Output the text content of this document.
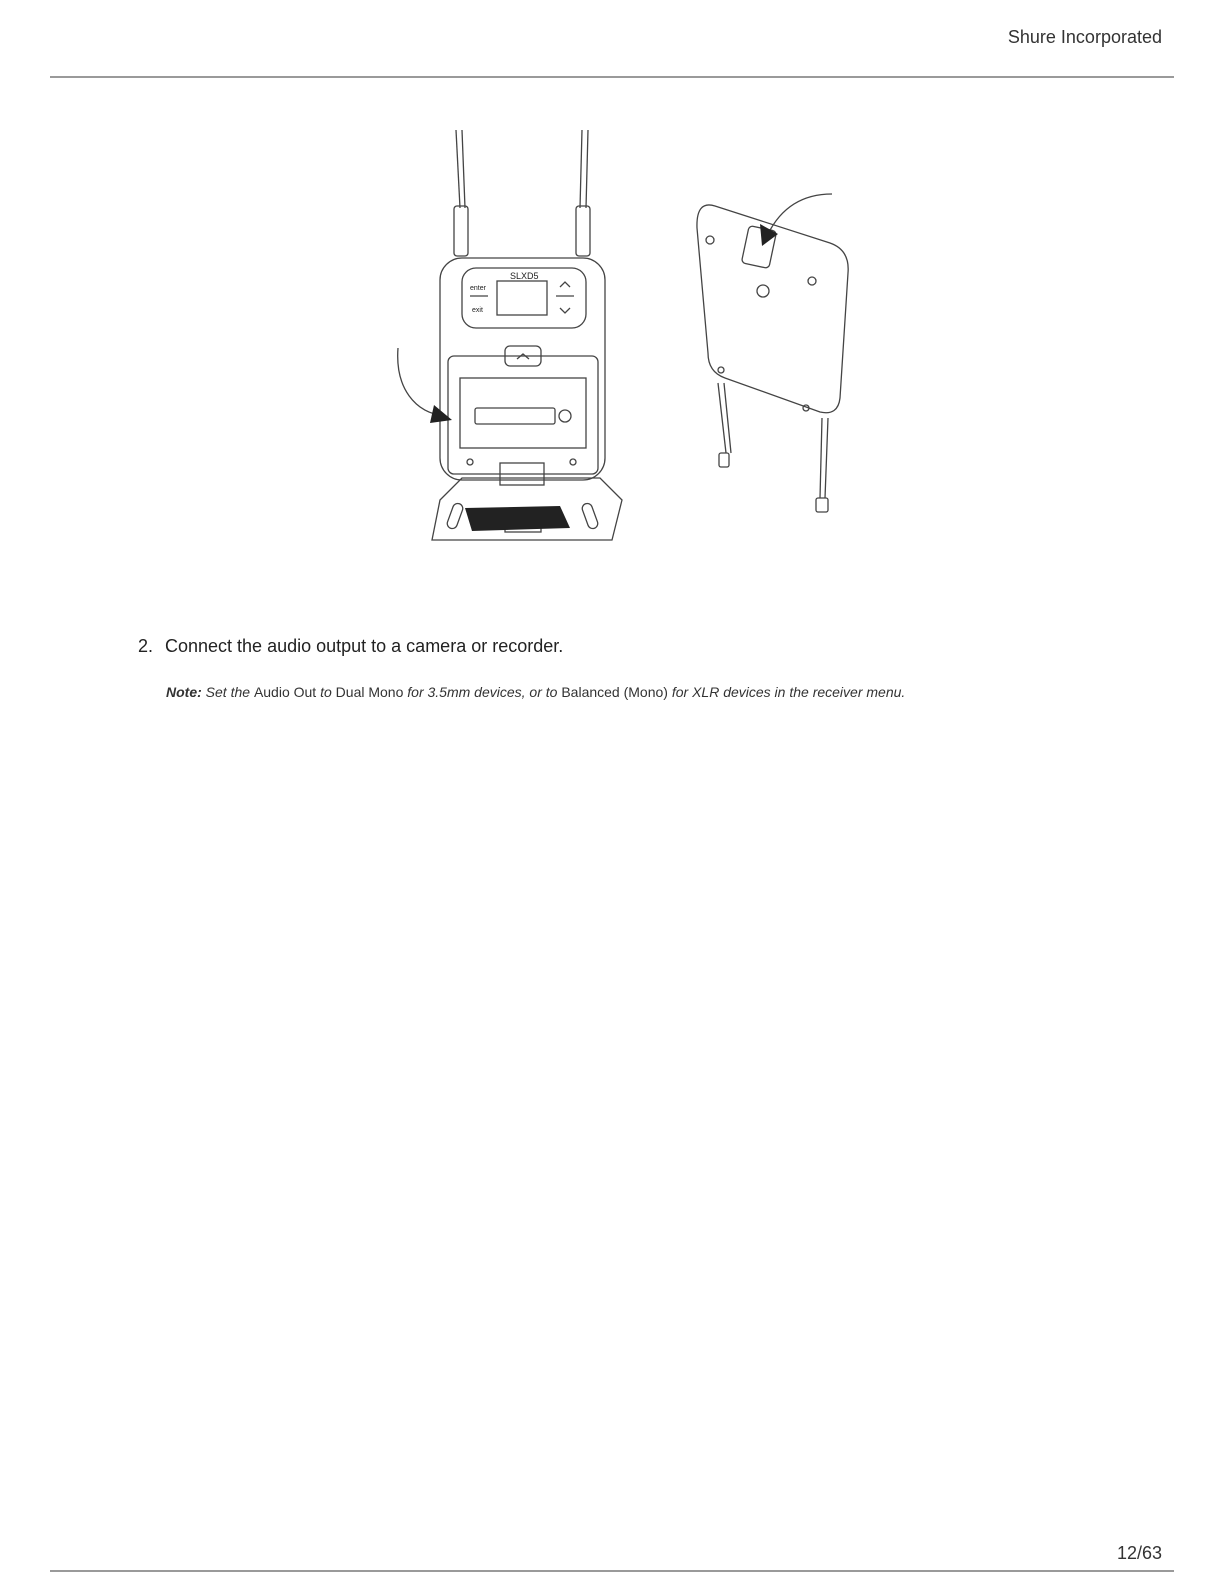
Shure Incorporated
SLXD5
enter
exit
2. Connect the audio output to a camera or recorder.
Note: Set the Audio Out to Dual Mono for 3.5mm devices, or to Balanced (Mono) for XLR devices in the receiver menu.
12/63
